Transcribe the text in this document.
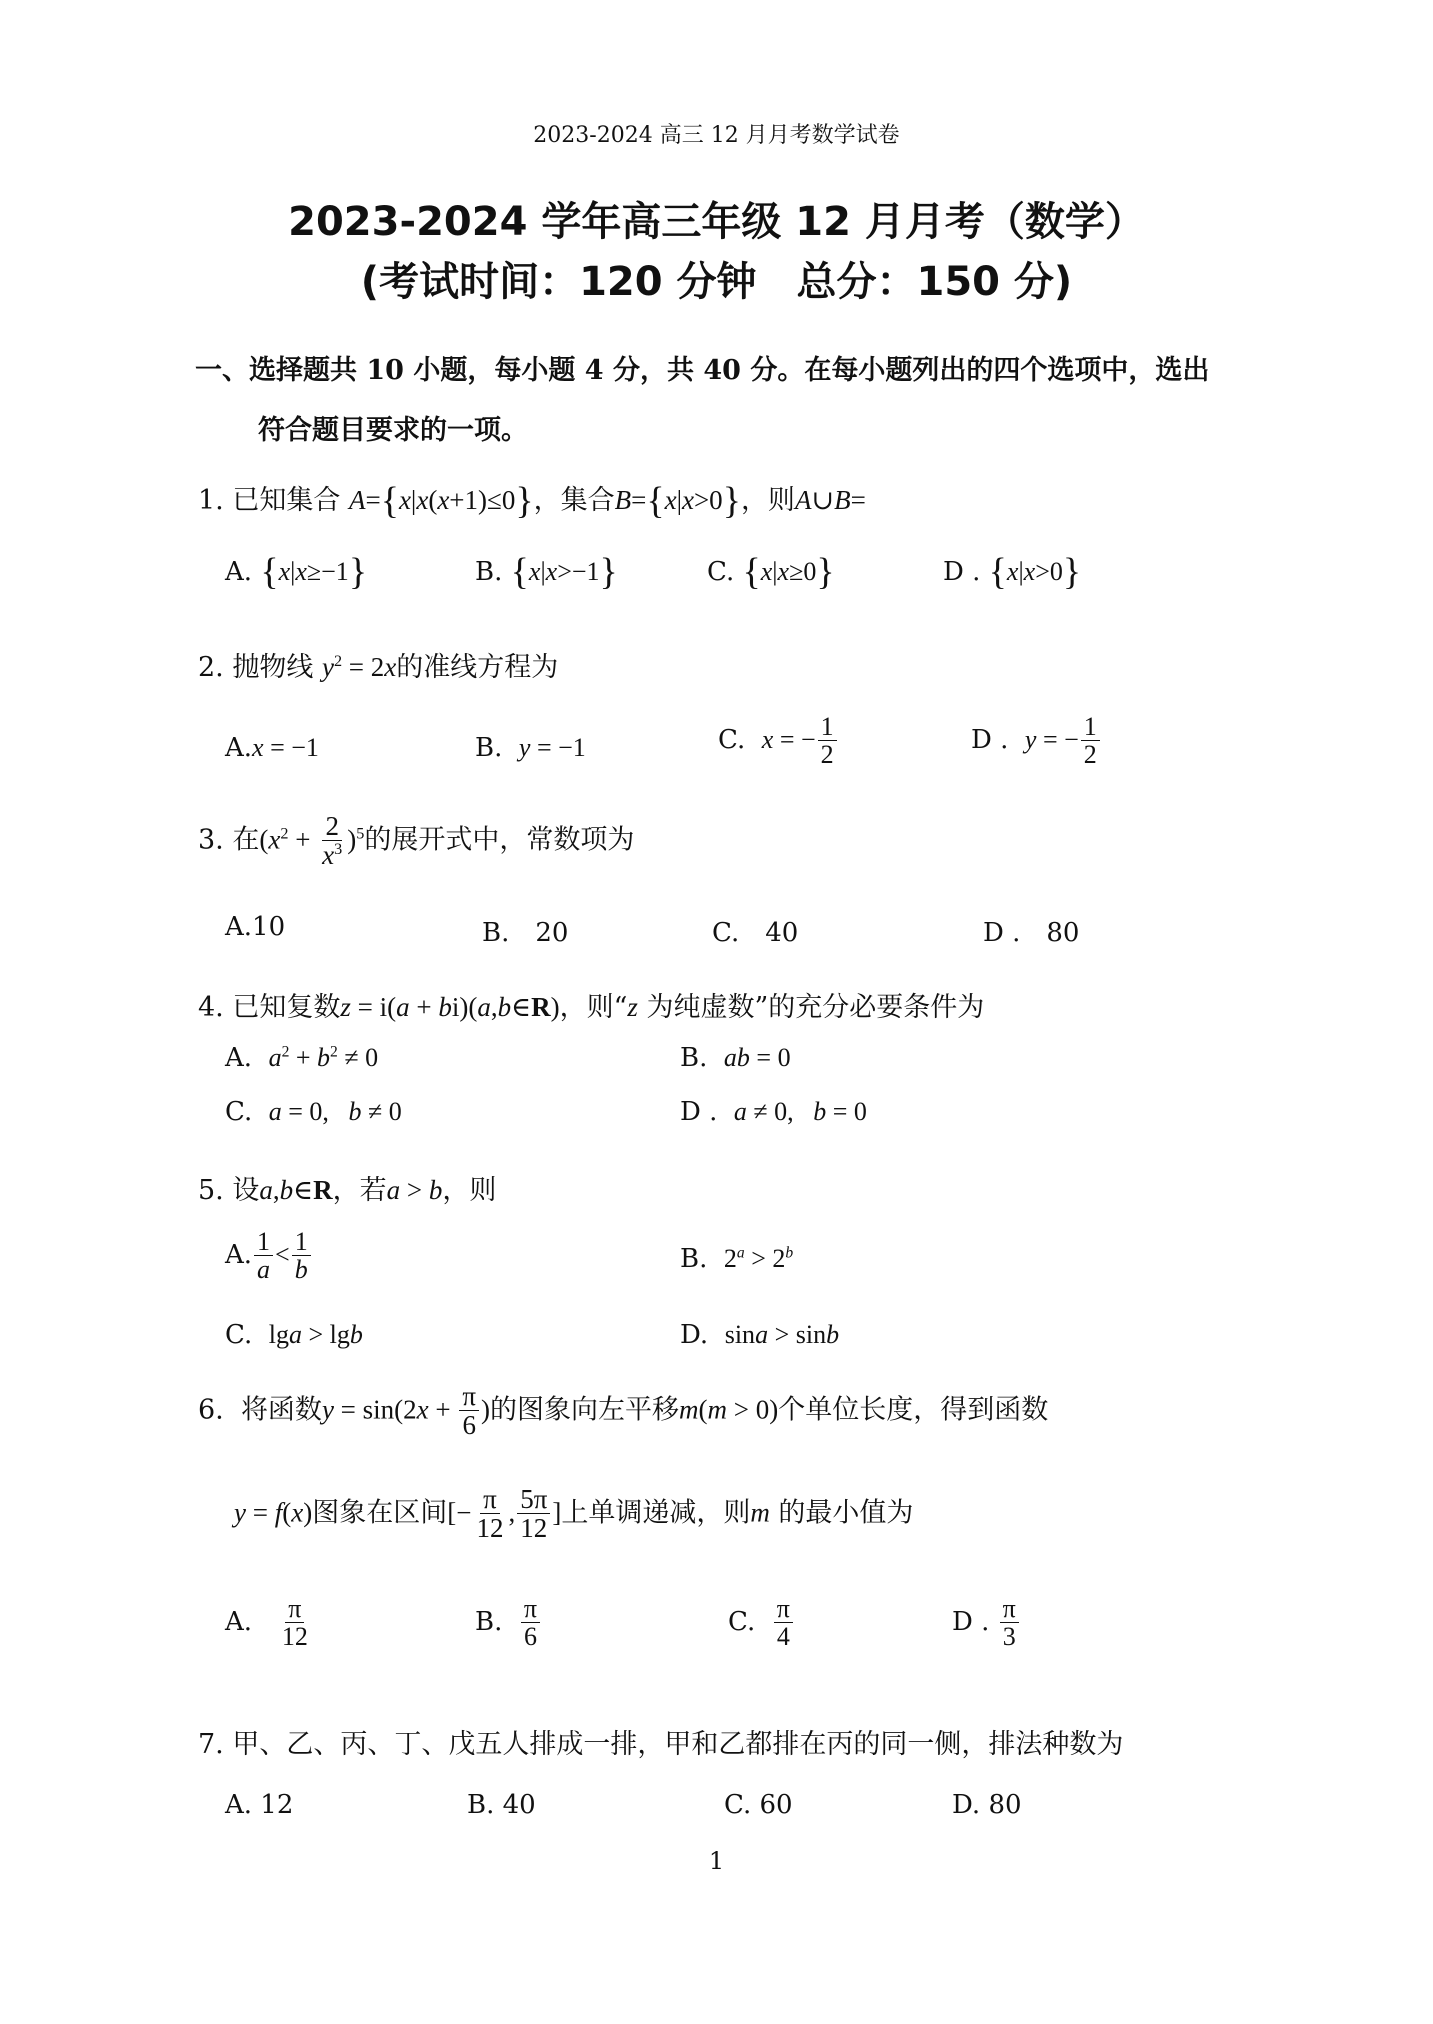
2023-2024 高三 12 月月考数学试卷
2023-2024 学年高三年级 12 月月考（数学）
(考试时间：120 分钟　总分：150 分)
一、选择题共 10 小题，每小题 4 分，共 40 分。在每小题列出的四个选项中，选出
符合题目要求的一项。
1. 已知集合 A={x|x(x+1)≤0}，集合B={x|x>0}，则A∪B=
A. {x|x≥−1}	B. {x|x>−1}	C. {x|x≥0}	D . {x|x>0}
2. 抛物线 $y^2 = 2x$的准线方程为
A.x = −1	B. y = −1	C. x = − $\frac{1}{2}$	D . y = − $\frac{1}{2}$
3. 在$(x^2 + \frac{2}{x^3} )^5$的展开式中，常数项为
A.10	B.　20	C.　40	D .　80
4. 已知复数z = i(a + bi)(a,b∈R)，则“z 为纯虚数”的充分必要条件为
A. $a^2 + b^2 \ne 0$	B. ab = 0
C. a = 0,   b ≠ 0	D . a ≠ 0,   b = 0
5. 设a,b∈R，若a > b，则
A. $\frac{1}{a} < \frac{1}{b}$	B. $2^a > 2^b$
C. lga > lgb	D. sina > sinb
6. 将函数$y = \sin(2x + \frac{\pi}{6}$ )的图象向左平移m(m > 0)个单位长度，得到函数
y = f(x)图象在区间[− $\frac{\pi}{12}$ , $\frac{5\pi}{12}$ ]上单调递减，则m 的最小值为
A. $\frac{\pi}{12}$	B. $\frac{\pi}{6}$	C. $\frac{\pi}{4}$	D . $\frac{\pi}{3}$
7. 甲、乙、丙、丁、戊五人排成一排，甲和乙都排在丙的同一侧，排法种数为
A. 12	B. 40	C. 60	D. 80
1
